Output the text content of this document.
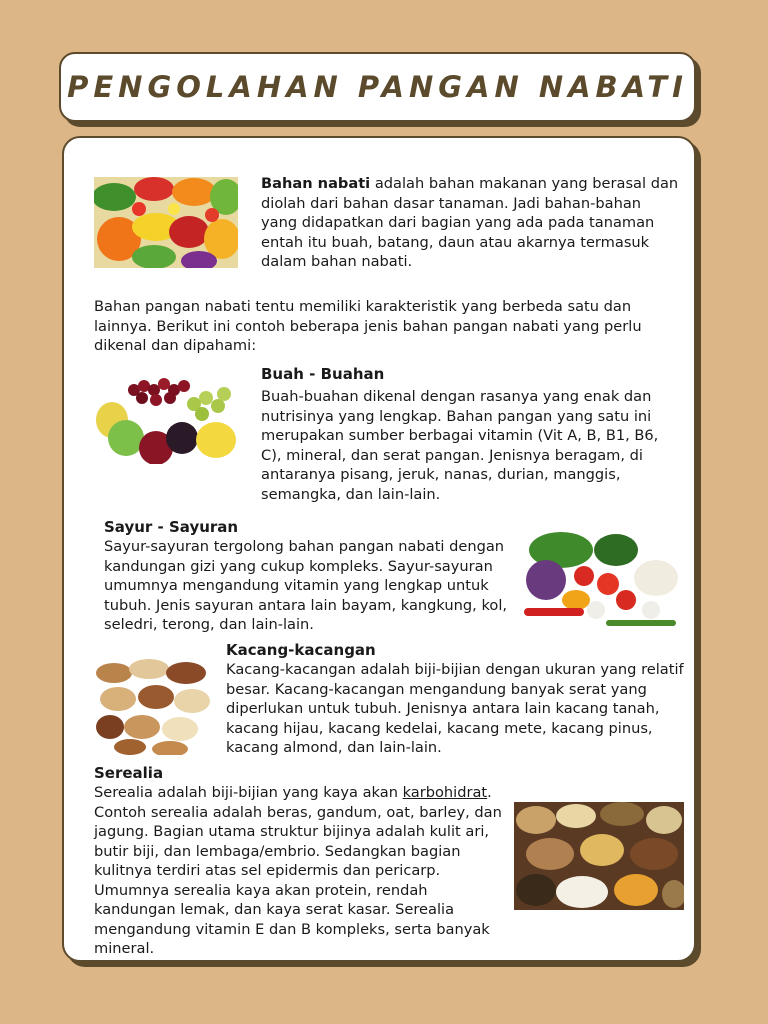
PENGOLAHAN PANGAN NABATI

Bahan nabati adalah bahan makanan yang berasal dan diolah dari bahan dasar tanaman. Jadi bahan-bahan yang didapatkan dari bagian yang ada pada tanaman entah itu buah, batang, daun atau akarnya termasuk dalam bahan nabati.

Bahan pangan nabati tentu memiliki karakteristik yang berbeda satu dan lainnya. Berikut ini contoh beberapa jenis bahan pangan nabati yang perlu dikenal dan dipahami:

Buah - Buahan

Buah-buahan dikenal dengan rasanya yang enak dan nutrisinya yang lengkap. Bahan pangan yang satu ini merupakan sumber berbagai vitamin (Vit A, B, B1, B6, C), mineral, dan serat pangan. Jenisnya beragam, di antaranya pisang, jeruk, nanas, durian, manggis, semangka, dan lain-lain.

Sayur - Sayuran

Sayur-sayuran tergolong bahan pangan nabati dengan kandungan gizi yang cukup kompleks. Sayur-sayuran umumnya mengandung vitamin yang lengkap untuk tubuh. Jenis sayuran antara lain bayam, kangkung, kol, seledri, terong, dan lain-lain.

Kacang-kacangan

Kacang-kacangan adalah biji-bijian dengan ukuran yang relatif besar. Kacang-kacangan mengandung banyak serat yang diperlukan untuk tubuh. Jenisnya antara lain kacang tanah, kacang hijau, kacang kedelai, kacang mete, kacang pinus, kacang almond, dan lain-lain.

Serealia

Serealia adalah biji-bijian yang kaya akan karbohidrat. Contoh serealia adalah beras, gandum, oat, barley, dan jagung. Bagian utama struktur bijinya adalah kulit ari, butir biji, dan lembaga/embrio. Sedangkan bagian kulitnya terdiri atas sel epidermis dan pericarp. Umumnya serealia kaya akan protein, rendah kandungan lemak, dan kaya serat kasar. Serealia mengandung vitamin E dan B kompleks, serta banyak mineral.
